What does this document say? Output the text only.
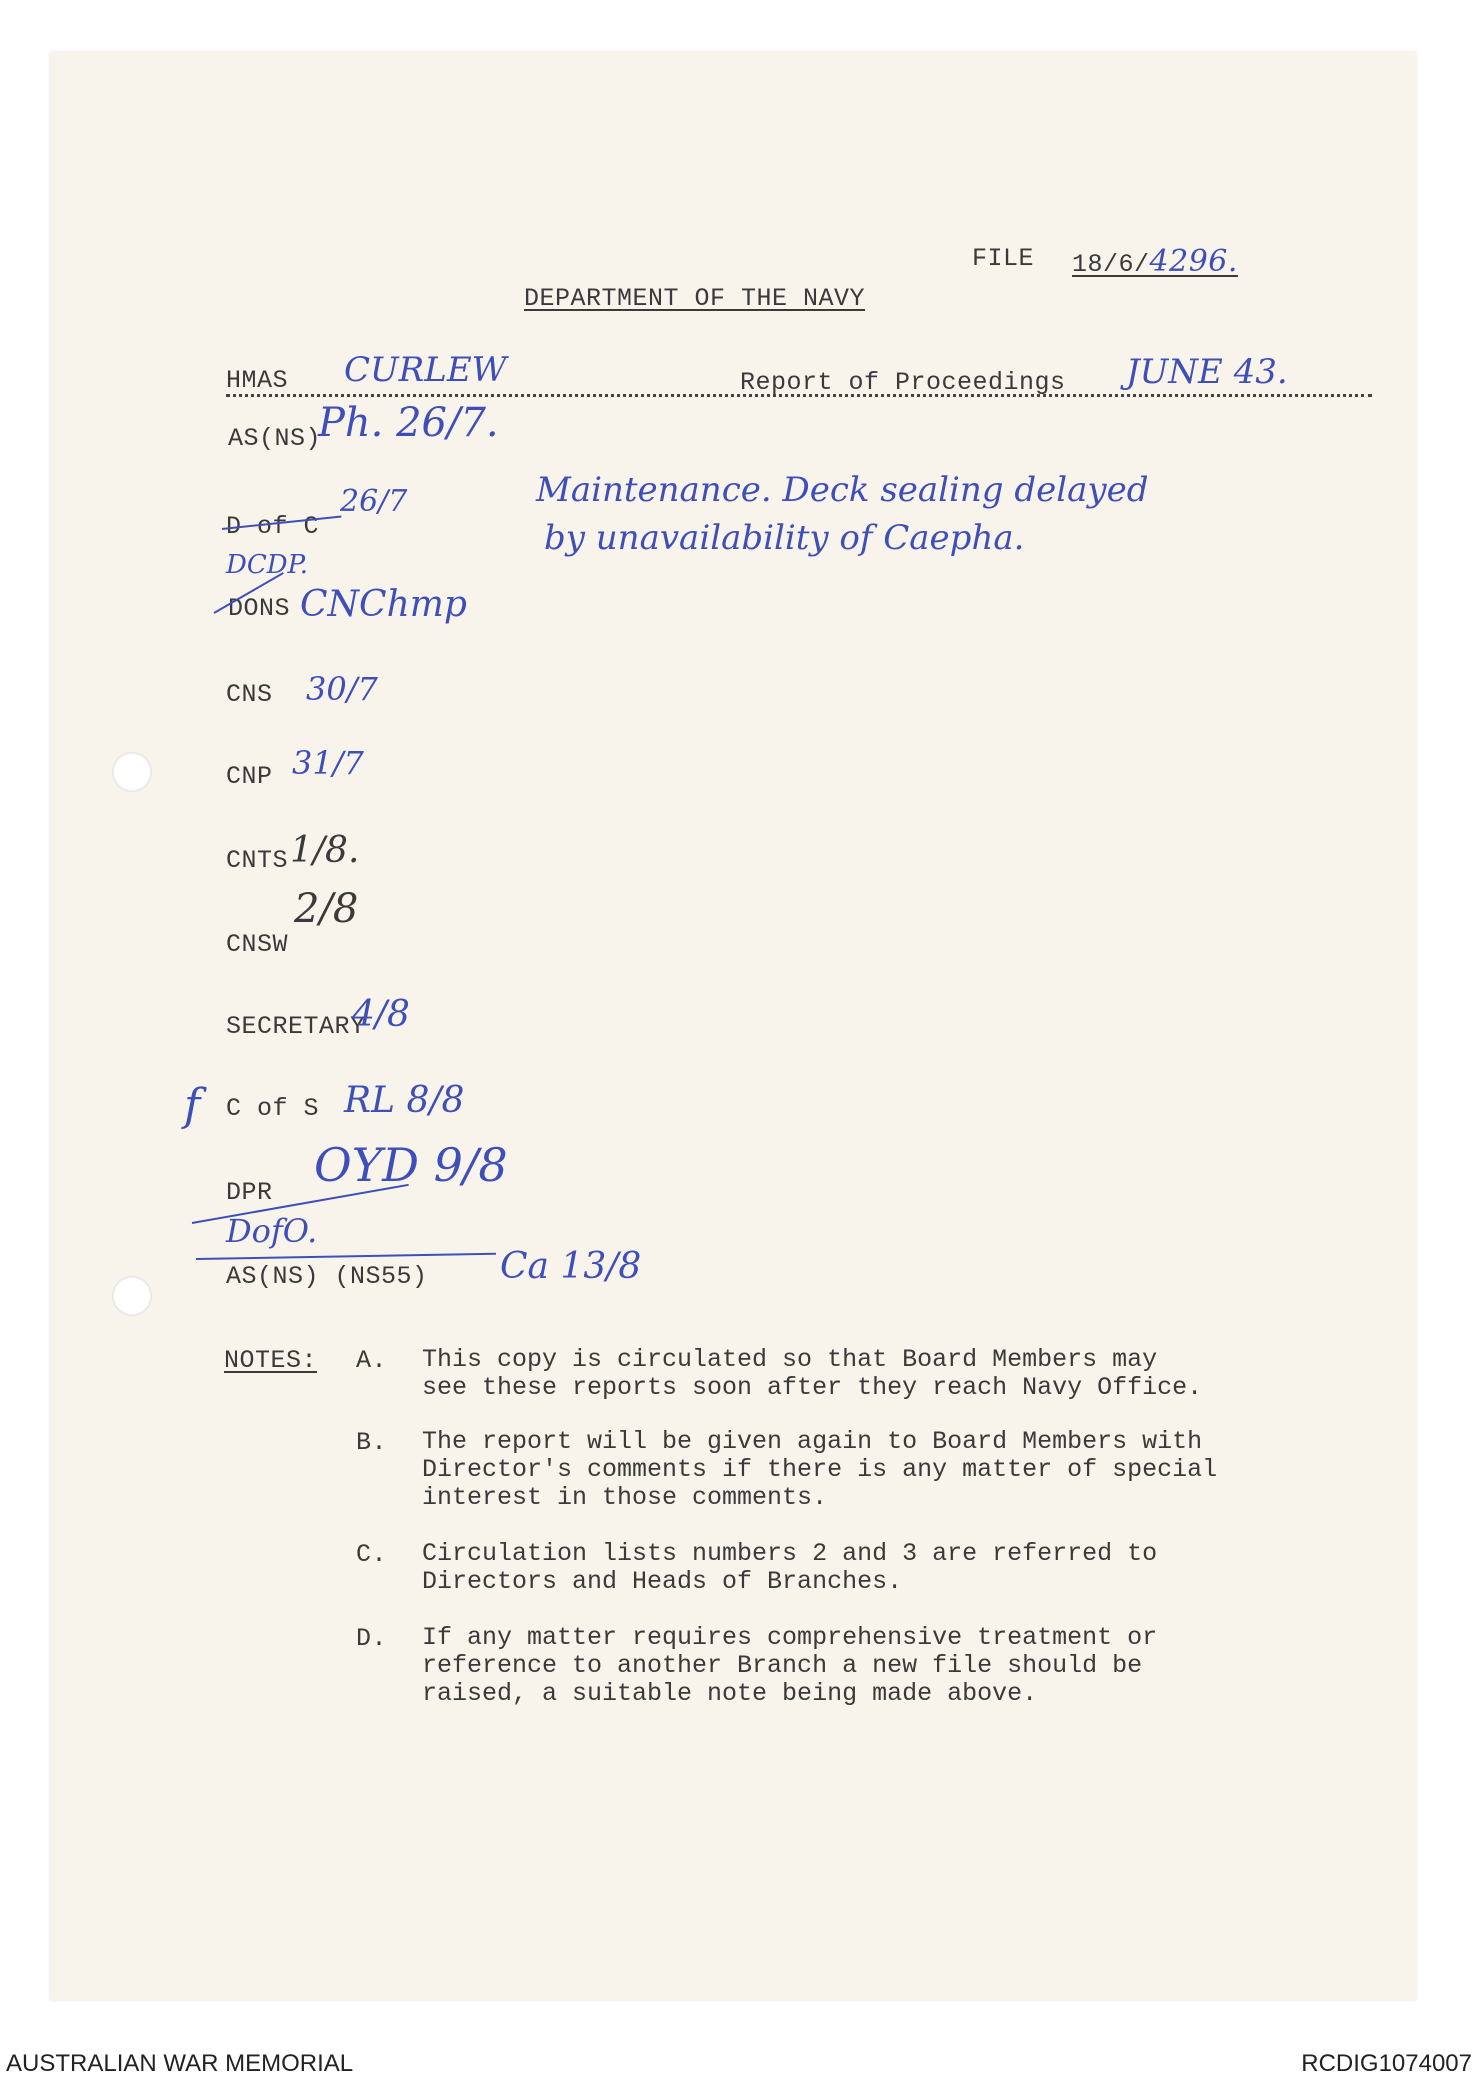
FILE 18/6/4296.
DEPARTMENT OF THE NAVY
HMAS CURLEW	Report of Proceedings JUNE 43.
Maintenance. Deck sealing delayed
by unavailability of Caepha.
AS(NS)
Ph. 26/7.
D of C
26/7
DCDP.
DONS CNChmp
CNS 30/7
CNP 31/7
CNTS 1/8.
CNSW
2/8
SECRETARY
4/8
C of S RL 8/8
f
DPR
OYD 9/8
DofO.
AS(NS) (NS55) Ca 13/8
NOTES: A. This copy is circulated so that Board Members may
see these reports soon after they reach Navy Office.
B. The report will be given again to Board Members with
Director's comments if there is any matter of special
interest in those comments.
C. Circulation lists numbers 2 and 3 are referred to
Directors and Heads of Branches.
D. If any matter requires comprehensive treatment or
reference to another Branch a new file should be
raised, a suitable note being made above.
AUSTRALIAN WAR MEMORIAL	RCDIG1074007
